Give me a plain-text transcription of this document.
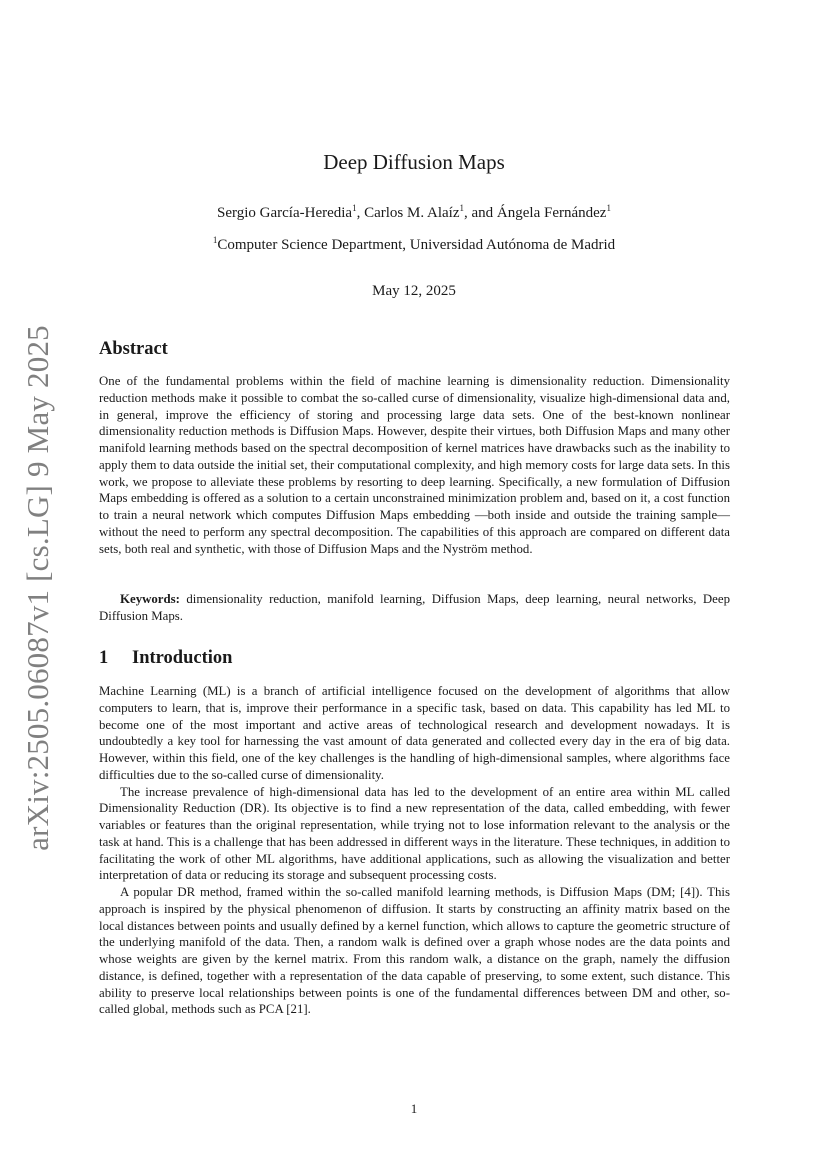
arXiv:2505.06087v1 [cs.LG] 9 May 2025
Deep Diffusion Maps
Sergio García-Heredia$^1$, Carlos M. Alaíz$^1$, and Ángela Fernández$^1$
$^1$Computer Science Department, Universidad Autónoma de Madrid
May 12, 2025
Abstract

One of the fundamental problems within the field of machine learning is dimensionality reduction. Dimensionality reduction methods make it possible to combat the so-called curse of dimensionality, visualize high-dimensional data and, in general, improve the efficiency of storing and processing large data sets. One of the best-known nonlinear dimensionality reduction methods is Diffusion Maps. However, despite their virtues, both Diffusion Maps and many other manifold learning methods based on the spectral decomposition of kernel matrices have drawbacks such as the inability to apply them to data outside the initial set, their computational complexity, and high memory costs for large data sets. In this work, we propose to alleviate these problems by resorting to deep learning. Specifically, a new formulation of Diffusion Maps embedding is offered as a solution to a certain unconstrained minimization problem and, based on it, a cost function to train a neural network which computes Diffusion Maps embedding —both inside and outside the training sample— without the need to perform any spectral decomposition. The capabilities of this approach are compared on different data sets, both real and synthetic, with those of Diffusion Maps and the Nyström method.

Keywords: dimensionality reduction, manifold learning, Diffusion Maps, deep learning, neural networks, Deep Diffusion Maps.

1 Introduction

Machine Learning (ML) is a branch of artificial intelligence focused on the development of algorithms that allow computers to learn, that is, improve their performance in a specific task, based on data. This capability has led ML to become one of the most important and active areas of technological research and development nowadays. It is undoubtedly a key tool for harnessing the vast amount of data generated and collected every day in the era of big data. However, within this field, one of the key challenges is the handling of high-dimensional samples, where algorithms face difficulties due to the so-called curse of dimensionality.

The increase prevalence of high-dimensional data has led to the development of an entire area within ML called Dimensionality Reduction (DR). Its objective is to find a new representation of the data, called embedding, with fewer variables or features than the original representation, while trying not to lose information relevant to the analysis or the task at hand. This is a challenge that has been addressed in different ways in the literature. These techniques, in addition to facilitating the work of other ML algorithms, have additional applications, such as allowing the visualization and better interpretation of data or reducing its storage and subsequent processing costs.

A popular DR method, framed within the so-called manifold learning methods, is Diffusion Maps (DM; [4]). This approach is inspired by the physical phenomenon of diffusion. It starts by constructing an affinity matrix based on the local distances between points and usually defined by a kernel function, which allows to capture the geometric structure of the underlying manifold of the data. Then, a random walk is defined over a graph whose nodes are the data points and whose weights are given by the kernel matrix. From this random walk, a distance on the graph, namely the diffusion distance, is defined, together with a representation of the data capable of preserving, to some extent, such distance. This ability to preserve local relationships between points is one of the fundamental differences between DM and other, so-called global, methods such as PCA [21].

1
